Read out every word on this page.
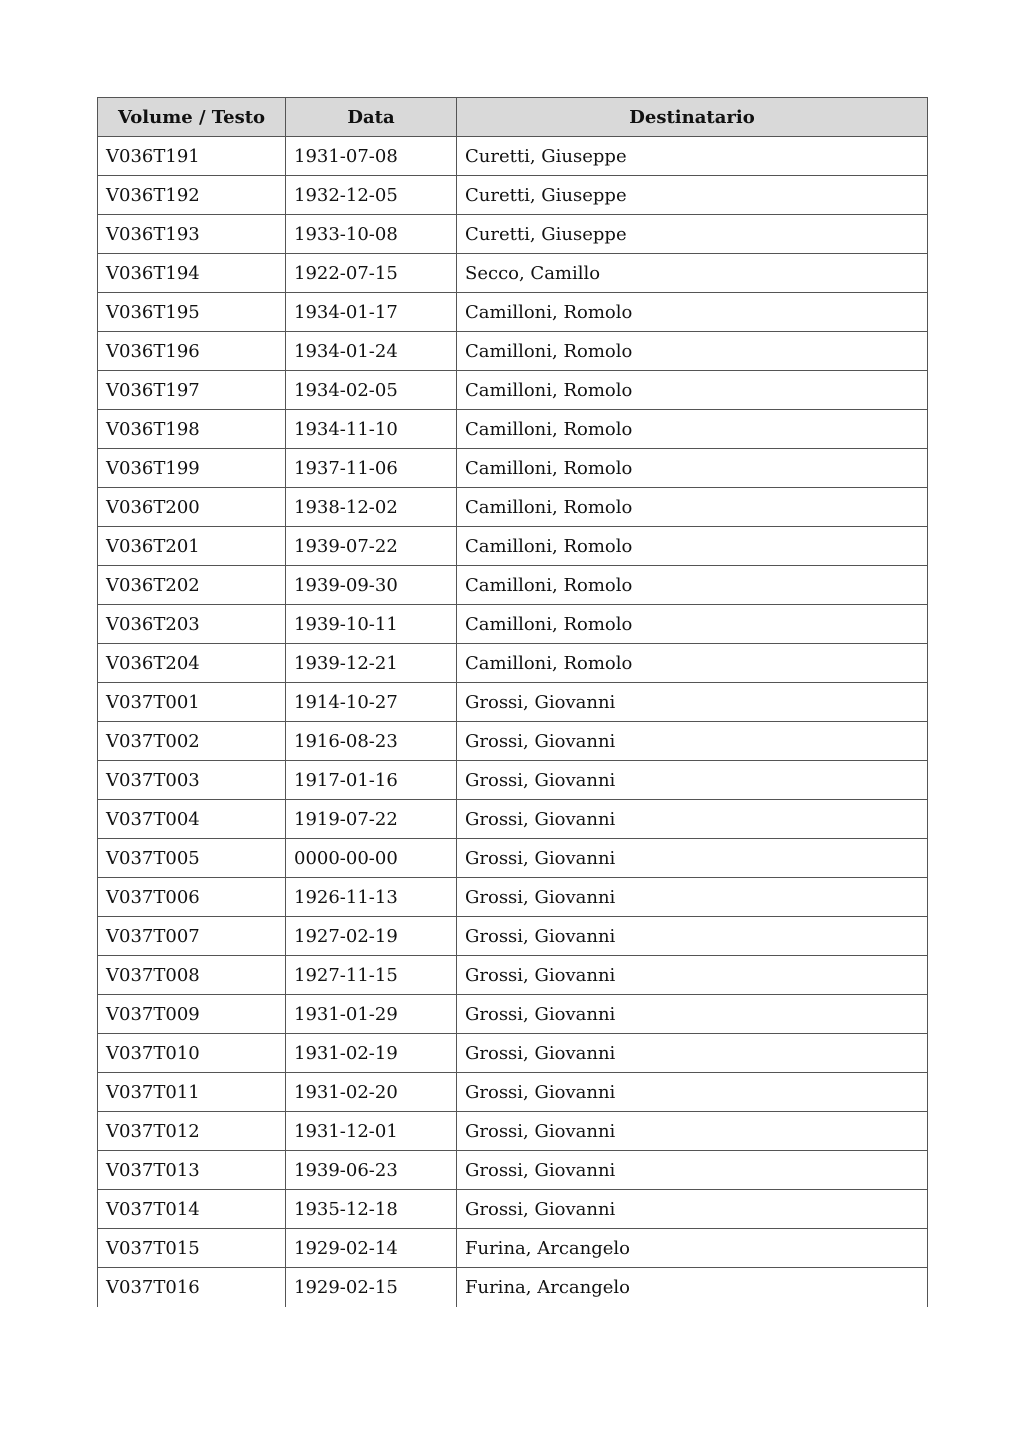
Volume / Testo	Data	Destinatario
V036T191	1931-07-08	Curetti, Giuseppe
V036T192	1932-12-05	Curetti, Giuseppe
V036T193	1933-10-08	Curetti, Giuseppe
V036T194	1922-07-15	Secco, Camillo
V036T195	1934-01-17	Camilloni, Romolo
V036T196	1934-01-24	Camilloni, Romolo
V036T197	1934-02-05	Camilloni, Romolo
V036T198	1934-11-10	Camilloni, Romolo
V036T199	1937-11-06	Camilloni, Romolo
V036T200	1938-12-02	Camilloni, Romolo
V036T201	1939-07-22	Camilloni, Romolo
V036T202	1939-09-30	Camilloni, Romolo
V036T203	1939-10-11	Camilloni, Romolo
V036T204	1939-12-21	Camilloni, Romolo
V037T001	1914-10-27	Grossi, Giovanni
V037T002	1916-08-23	Grossi, Giovanni
V037T003	1917-01-16	Grossi, Giovanni
V037T004	1919-07-22	Grossi, Giovanni
V037T005	0000-00-00	Grossi, Giovanni
V037T006	1926-11-13	Grossi, Giovanni
V037T007	1927-02-19	Grossi, Giovanni
V037T008	1927-11-15	Grossi, Giovanni
V037T009	1931-01-29	Grossi, Giovanni
V037T010	1931-02-19	Grossi, Giovanni
V037T011	1931-02-20	Grossi, Giovanni
V037T012	1931-12-01	Grossi, Giovanni
V037T013	1939-06-23	Grossi, Giovanni
V037T014	1935-12-18	Grossi, Giovanni
V037T015	1929-02-14	Furina, Arcangelo
V037T016	1929-02-15	Furina, Arcangelo
